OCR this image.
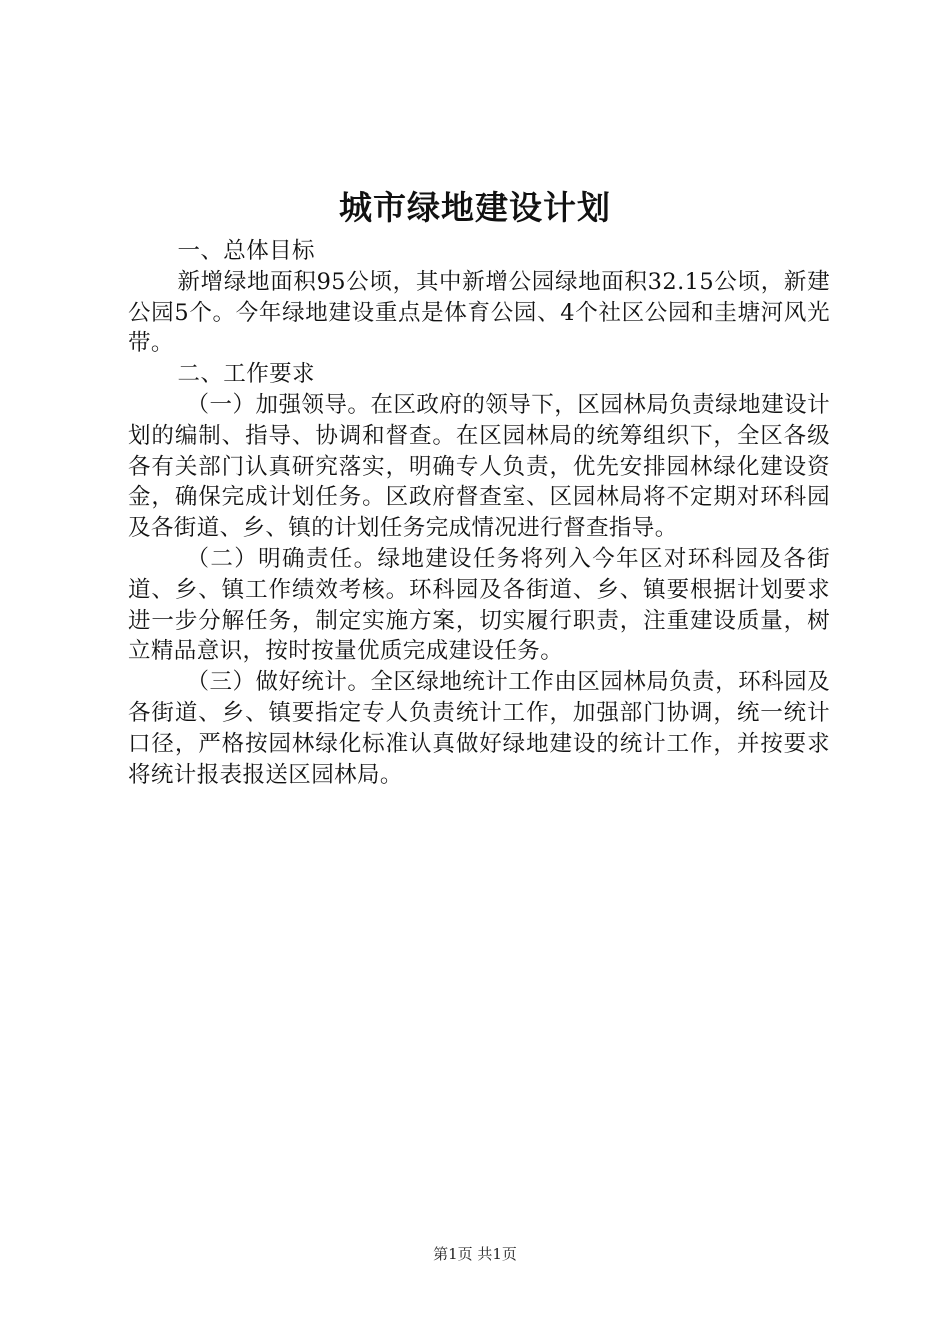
城市绿地建设计划

一、总体目标

新增绿地面积95公顷，其中新增公园绿地面积32.15公顷，新建公园5个。今年绿地建设重点是体育公园、4个社区公园和圭塘河风光带。

二、工作要求

（一）加强领导。在区政府的领导下，区园林局负责绿地建设计划的编制、指导、协调和督查。在区园林局的统筹组织下，全区各级各有关部门认真研究落实，明确专人负责，优先安排园林绿化建设资金，确保完成计划任务。区政府督查室、区园林局将不定期对环科园及各街道、乡、镇的计划任务完成情况进行督查指导。

（二）明确责任。绿地建设任务将列入今年区对环科园及各街道、乡、镇工作绩效考核。环科园及各街道、乡、镇要根据计划要求进一步分解任务，制定实施方案，切实履行职责，注重建设质量，树立精品意识，按时按量优质完成建设任务。

（三）做好统计。全区绿地统计工作由区园林局负责，环科园及各街道、乡、镇要指定专人负责统计工作，加强部门协调，统一统计口径，严格按园林绿化标准认真做好绿地建设的统计工作，并按要求将统计报表报送区园林局。

第1页 共1页
